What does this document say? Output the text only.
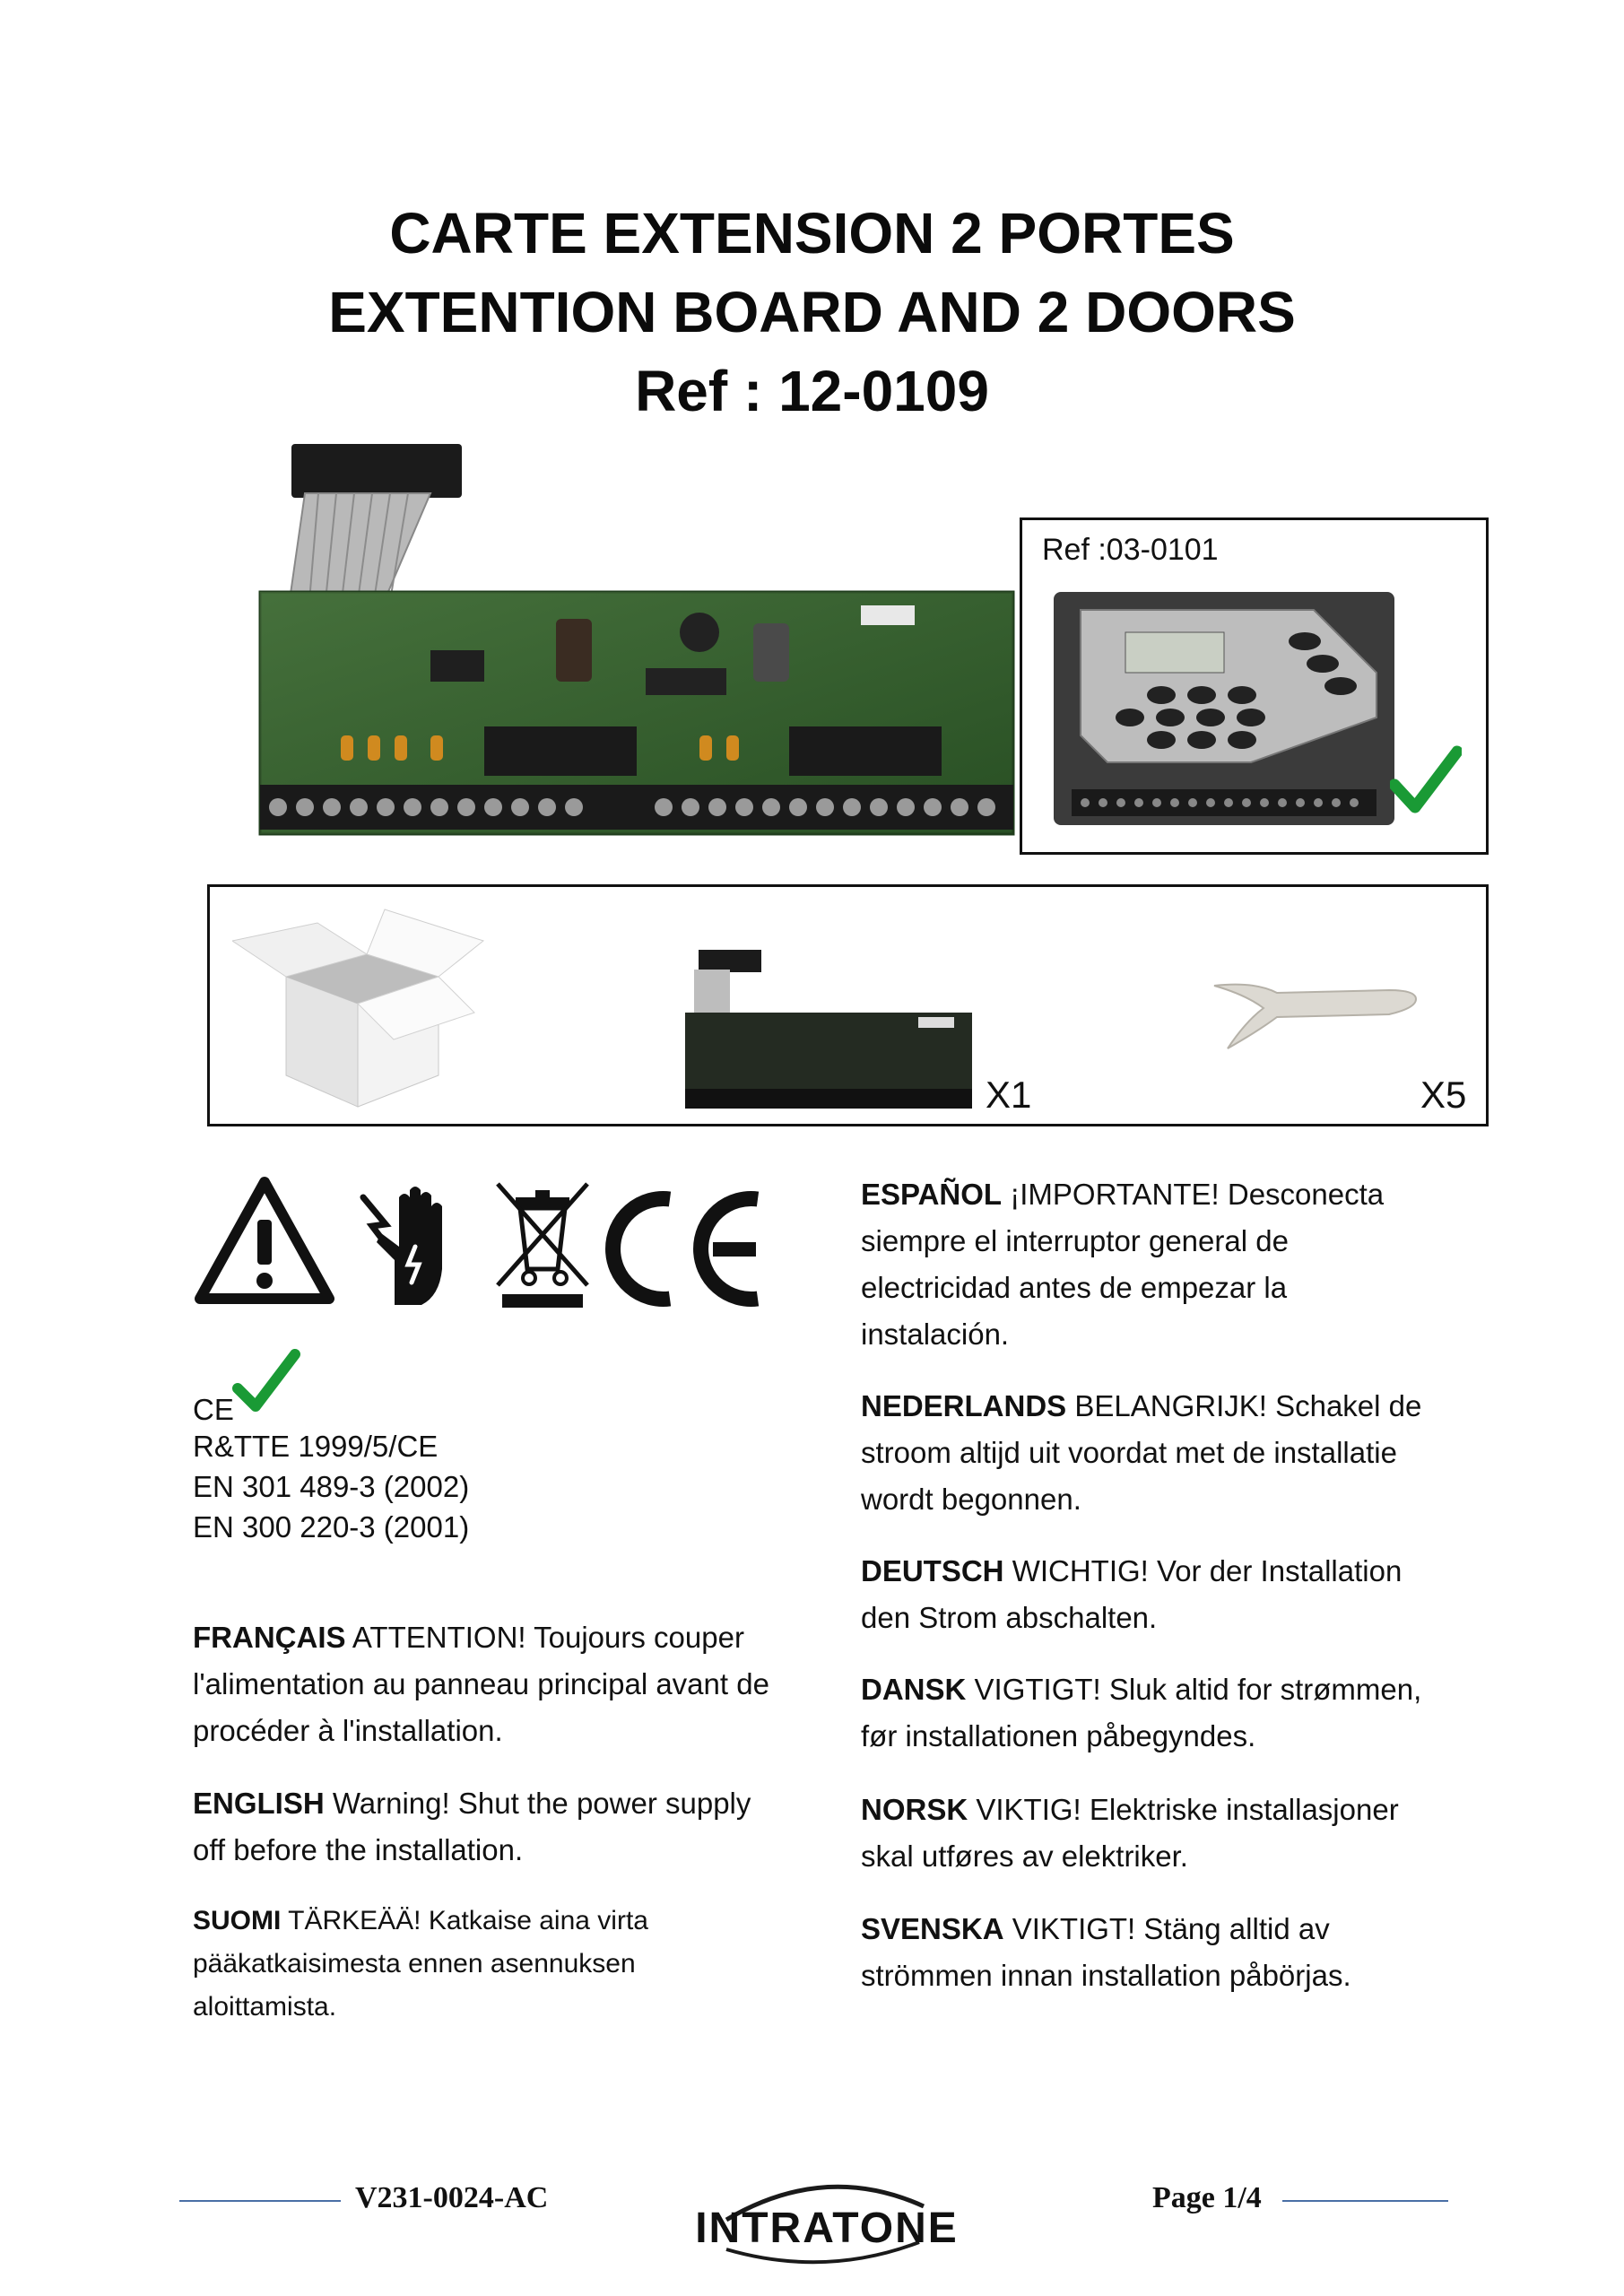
CARTE EXTENSION 2 PORTES
EXTENTION BOARD AND 2 DOORS
Ref : 12-0109
Ref :03-0101
X1	X5
CE
R&TTE 1999/5/CE
EN 301 489-3 (2002)
EN 300 220-3 (2001)
FRANÇAIS ATTENTION! Toujours couper l'alimentation au panneau principal avant de procéder à l'installation.
ENGLISH Warning! Shut the power supply off before the installation.
SUOMI TÄRKEÄÄ! Katkaise aina virta pääkatkaisimesta ennen asennuksen aloittamista.
ESPAÑOL ¡IMPORTANTE! Desconecta siempre el interruptor general de electricidad antes de empezar la instalación.
NEDERLANDS BELANGRIJK! Schakel de stroom altijd uit voordat met de installatie wordt begonnen.
DEUTSCH WICHTIG! Vor der Installation den Strom abschalten.
DANSK VIGTIGT! Sluk altid for strømmen, før installationen påbegyndes.
NORSK VIKTIG! Elektriske installasjoner skal utføres av elektriker.
SVENSKA VIKTIGT! Stäng alltid av strömmen innan installation påbörjas.
V231-0024-AC
INTRATONE
Page 1/4
